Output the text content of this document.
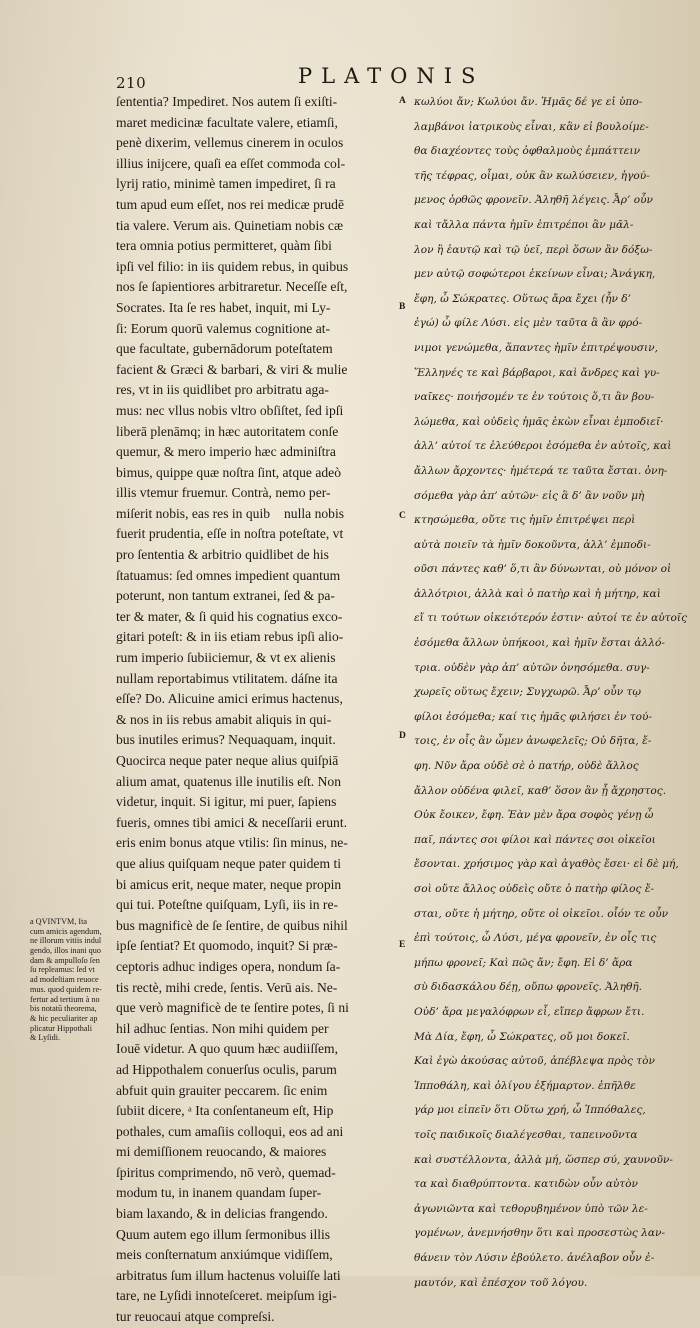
210	PLATONIS
ſententia? Impediret. Nos autem ſi exiſti-
maret medicinæ facultate valere, etiamſi,
penè dixerim, vellemus cinerem in oculos
illius inijcere, quaſi ea eſſet commoda col-
lyrij ratio, minimè tamen impediret, ſi ra
tum apud eum eſſet, nos rei medicæ prudē
tia valere. Verum ais. Quinetiam nobis cæ
tera omnia potius permitteret, quàm ſibi
ipſi vel filio: in iis quidem rebus, in quibus
nos ſe ſapientiores arbitraretur. Neceſſe eſt,
Socrates. Ita ſe res habet, inquit, mi Ly-
ſi: Eorum quorū valemus cognitione at-
que facultate, gubernādorum poteſtatem
facient & Græci & barbari, & viri & mulie
res, vt in iis quidlibet pro arbitratu aga-
mus: nec vllus nobis vltro obſiſtet, ſed ipſi
liberā plenāmq; in hæc autoritatem conſe
quemur, & mero imperio hæc adminiſtra
bimus, quippe quæ noſtra ſint, atque adeò
illis vtemur fruemur. Contrà, nemo per-
miſerit nobis, eas res in quib᷑ nulla nobis
fuerit prudentia, eſſe in noſtra poteſtate, vt
pro ſententia & arbitrio quidlibet de his
ſtatuamus: ſed omnes impedient quantum
poterunt, non tantum extranei, ſed & pa-
ter & mater, & ſi quid his cognatius exco-
gitari poteſt: & in iis etiam rebus ipſi alio-
rum imperio ſubiiciemur, & vt ex alienis
nullam reportabimus vtilitatem. dáſne ita
eſſe? Do. Alicuine amici erimus hactenus,
& nos in iis rebus amabit aliquis in qui-
bus inutiles erimus? Nequaquam, inquit.
Quocirca neque pater neque alius quiſpiā
alium amat, quatenus ille inutilis eſt. Non
videtur, inquit. Si igitur, mi puer, ſapiens
fueris, omnes tibi amici & neceſſarii erunt.
eris enim bonus atque vtilis: ſin minus, ne-
que alius quiſquam neque pater quidem ti
bi amicus erit, neque mater, neque propin
qui tui. Poteſtne quiſquam, Lyſi, iis in re-
bus magnificè de ſe ſentire, de quibus nihil
ipſe ſentiat? Et quomodo, inquit? Si præ-
ceptoris adhuc indiges opera, nondum ſa-
tis rectè, mihi crede, ſentis. Verū ais. Ne-
que verò magnificè de te ſentire potes, ſi ni
hil adhuc ſentias. Non mihi quidem per
Iouē videtur. A quo quum hæc audiiſſem,
ad Hippothalem conuerſus oculis, parum
abfuit quin grauiter peccarem. ſic enim
ſubiit dicere, ᵃ Ita conſentaneum eſt, Hip
pothales, cum amaſiis colloqui, eos ad ani
mi demiſſionem reuocando, & maiores
ſpiritus comprimendo, nō verò, quemad-
modum tu, in inanem quandam ſuper-
biam laxando, & in delicias frangendo.
Quum autem ego illum ſermonibus illis
meis conſternatum anxiúmque vidiſſem,
arbitratus ſum illum hactenus voluiſſe lati
tare, ne Lyſidi innoteſceret. meipſum igi-
tur reuocaui atque compreſsi.
A
B
C
D
E
κωλύοι ἄν; Κωλύοι ἄν. Ἡμᾶς δέ γε εἰ ὑπο-
λαμβάνοι ἰατρικοὺς εἶναι, κἂν εἰ βουλοίμε-
θα διαχέοντες τοὺς ὀφθαλμοὺς ἐμπάττειν
τῆς τέφρας, οἶμαι, οὐκ ἂν κωλύσειεν, ἡγού-
μενος ὀρθῶς φρονεῖν. Ἀληθῆ λέγεις. Ἆρ’ οὖν
καὶ τἄλλα πάντα ἡμῖν ἐπιτρέποι ἂν μᾶλ-
λον ἢ ἑαυτῷ καὶ τῷ ὑεῖ, περὶ ὅσων ἂν δόξω-
μεν αὐτῷ σοφώτεροι ἐκείνων εἶναι; Ἀνάγκη,
ἔφη, ὦ Σώκρατες. Οὕτως ἄρα ἔχει (ἦν δ’
ἐγώ) ὦ φίλε Λύσι. εἰς μὲν ταῦτα ἃ ἂν φρό-
νιμοι γενώμεθα, ἅπαντες ἡμῖν ἐπιτρέψουσιν,
Ἕλληνές τε καὶ βάρβαροι, καὶ ἄνδρες καὶ γυ-
ναῖκες· ποιήσομέν τε ἐν τούτοις ὅ,τι ἂν βου-
λώμεθα, καὶ οὐδεὶς ἡμᾶς ἑκὼν εἶναι ἐμποδιεῖ·
ἀλλ’ αὐτοί τε ἐλεύθεροι ἐσόμεθα ἐν αὐτοῖς, καὶ
ἄλλων ἄρχοντες· ἡμέτερά τε ταῦτα ἔσται. ὀνη-
σόμεθα γὰρ ἀπ’ αὐτῶν· εἰς ἃ δ’ ἂν νοῦν μὴ
κτησώμεθα, οὔτε τις ἡμῖν ἐπιτρέψει περὶ
αὐτὰ ποιεῖν τὰ ἡμῖν δοκοῦντα, ἀλλ’ ἐμποδι-
οῦσι πάντες καθ’ ὅ,τι ἂν δύνωνται, οὐ μόνον οἱ
ἀλλότριοι, ἀλλὰ καὶ ὁ πατὴρ καὶ ἡ μήτηρ, καὶ
εἴ τι τούτων οἰκειότερόν ἐστιν· αὐτοί τε ἐν αὐτοῖς
ἐσόμεθα ἄλλων ὑπήκοοι, καὶ ἡμῖν ἔσται ἀλλό-
τρια. οὐδὲν γὰρ ἀπ’ αὐτῶν ὀνησόμεθα. συγ-
χωρεῖς οὕτως ἔχειν; Συγχωρῶ. Ἆρ’ οὖν τῳ
φίλοι ἐσόμεθα; καί τις ἡμᾶς φιλήσει ἐν τού-
τοις, ἐν οἷς ἂν ὦμεν ἀνωφελεῖς; Οὐ δῆτα, ἔ-
φη. Νῦν ἄρα οὐδὲ σὲ ὁ πατήρ, οὐδὲ ἄλλος
ἄλλον οὐδένα φιλεῖ, καθ’ ὅσον ἂν ᾖ ἄχρηστος.
Οὐκ ἔοικεν, ἔφη. Ἐὰν μὲν ἄρα σοφὸς γένῃ ὦ
παῖ, πάντες σοι φίλοι καὶ πάντες σοι οἰκεῖοι
ἔσονται. χρήσιμος γὰρ καὶ ἀγαθὸς ἔσει· εἰ δὲ μή,
σοὶ οὔτε ἄλλος οὐδεὶς οὔτε ὁ πατὴρ φίλος ἔ-
σται, οὔτε ἡ μήτηρ, οὔτε οἱ οἰκεῖοι. οἷόν τε οὖν
ἐπὶ τούτοις, ὦ Λύσι, μέγα φρονεῖν, ἐν οἷς τις
μήπω φρονεῖ; Καὶ πῶς ἄν; ἔφη. Εἰ δ’ ἄρα
σὺ διδασκάλου δέῃ, οὔπω φρονεῖς. Ἀληθῆ.
Οὐδ’ ἄρα μεγαλόφρων εἶ, εἴπερ ἄφρων ἔτι.
Μὰ Δία, ἔφη, ὦ Σώκρατες, οὔ μοι δοκεῖ.
Καὶ ἐγὼ ἀκούσας αὐτοῦ, ἀπέβλεψα πρὸς τὸν
Ἱπποθάλη, καὶ ὀλίγου ἐξήμαρτον. ἐπῆλθε
γάρ μοι εἰπεῖν ὅτι Οὕτω χρή, ὦ Ἱππόθαλες,
τοῖς παιδικοῖς διαλέγεσθαι, ταπεινοῦντα
καὶ συστέλλοντα, ἀλλὰ μή, ὥσπερ σύ, χαυνοῦν-
τα καὶ διαθρύπτοντα. κατιδὼν οὖν αὐτὸν
ἀγωνιῶντα καὶ τεθορυβημένον ὑπὸ τῶν λε-
γομένων, ἀνεμνήσθην ὅτι καὶ προσεστὼς λαν-
θάνειν τὸν Λύσιν ἐβούλετο. ἀνέλαβον οὖν ἐ-
μαυτόν, καὶ ἐπέσχον τοῦ λόγου.
a QVINTVM, Ita
cum amicis agendum,
ne illorum vitiis indul
gendo, illos inani quo
dam & ampulloſo ſen
ſu repleamus: ſed vt
ad modeſtiam reuoce
mus. quod quidem re-
fertur ad tertium à no
bis notatū theorema,
& hic peculiariter ap
plicatur Hippothali
& Lyſidi.
